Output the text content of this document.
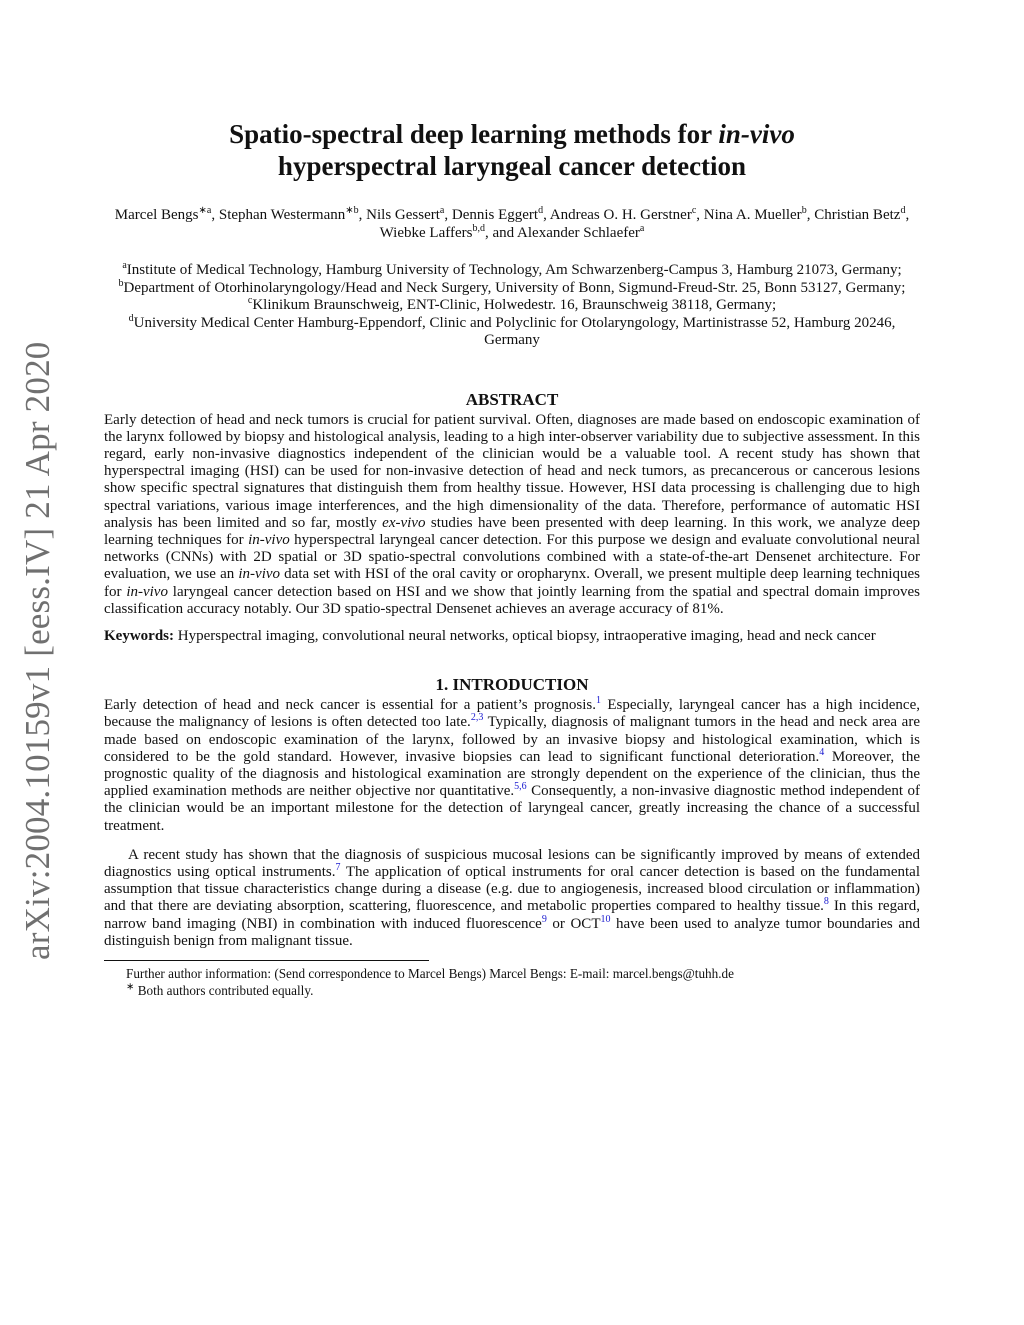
arXiv:2004.10159v1 [eess.IV] 21 Apr 2020
Spatio-spectral deep learning methods for in-vivo
hyperspectral laryngeal cancer detection
Marcel Bengs$^{∗a}$, Stephan Westermann$^{∗b}$, Nils Gessert$^a$, Dennis Eggert$^d$, Andreas O. H. Gerstner$^c$, Nina A. Mueller$^b$, Christian Betz$^d$, Wiebke Laffers$^{b,d}$, and Alexander Schlaefer$^a$
$^a$Institute of Medical Technology, Hamburg University of Technology, Am Schwarzenberg-Campus 3, Hamburg 21073, Germany;
$^b$Department of Otorhinolaryngology/Head and Neck Surgery, University of Bonn, Sigmund-Freud-Str. 25, Bonn 53127, Germany;
$^c$Klinikum Braunschweig, ENT-Clinic, Holwedestr. 16, Braunschweig 38118, Germany;
$^d$University Medical Center Hamburg-Eppendorf, Clinic and Polyclinic for Otolaryngology, Martinistrasse 52, Hamburg 20246, Germany
ABSTRACT

Early detection of head and neck tumors is crucial for patient survival. Often, diagnoses are made based on endoscopic examination of the larynx followed by biopsy and histological analysis, leading to a high inter-observer variability due to subjective assessment. In this regard, early non-invasive diagnostics independent of the clinician would be a valuable tool. A recent study has shown that hyperspectral imaging (HSI) can be used for non-invasive detection of head and neck tumors, as precancerous or cancerous lesions show specific spectral signatures that distinguish them from healthy tissue. However, HSI data processing is challenging due to high spectral variations, various image interferences, and the high dimensionality of the data. Therefore, performance of automatic HSI analysis has been limited and so far, mostly ex-vivo studies have been presented with deep learning. In this work, we analyze deep learning techniques for in-vivo hyperspectral laryngeal cancer detection. For this purpose we design and evaluate convolutional neural networks (CNNs) with 2D spatial or 3D spatio-spectral convolutions combined with a state-of-the-art Densenet architecture. For evaluation, we use an in-vivo data set with HSI of the oral cavity or oropharynx. Overall, we present multiple deep learning techniques for in-vivo laryngeal cancer detection based on HSI and we show that jointly learning from the spatial and spectral domain improves classification accuracy notably. Our 3D spatio-spectral Densenet achieves an average accuracy of 81%.

Keywords: Hyperspectral imaging, convolutional neural networks, optical biopsy, intraoperative imaging, head and neck cancer

1. INTRODUCTION

Early detection of head and neck cancer is essential for a patient’s prognosis.$^1$ Especially, laryngeal cancer has a high incidence, because the malignancy of lesions is often detected too late.$^{2,3}$ Typically, diagnosis of malignant tumors in the head and neck area are made based on endoscopic examination of the larynx, followed by an invasive biopsy and histological examination, which is considered to be the gold standard. However, invasive biopsies can lead to significant functional deterioration.$^4$ Moreover, the prognostic quality of the diagnosis and histological examination are strongly dependent on the experience of the clinician, thus the applied examination methods are neither objective nor quantitative.$^{5,6}$ Consequently, a non-invasive diagnostic method independent of the clinician would be an important milestone for the detection of laryngeal cancer, greatly increasing the chance of a successful treatment.

A recent study has shown that the diagnosis of suspicious mucosal lesions can be significantly improved by means of extended diagnostics using optical instruments.$^7$ The application of optical instruments for oral cancer detection is based on the fundamental assumption that tissue characteristics change during a disease (e.g. due to angiogenesis, increased blood circulation or inflammation) and that there are deviating absorption, scattering, fluorescence, and metabolic properties compared to healthy tissue.$^8$ In this regard, narrow band imaging (NBI) in combination with induced fluorescence$^9$ or OCT$^{10}$ have been used to analyze tumor boundaries and distinguish benign from malignant tissue.

Further author information: (Send correspondence to Marcel Bengs) Marcel Bengs: E-mail: marcel.bengs@tuhh.de

∗ Both authors contributed equally.
